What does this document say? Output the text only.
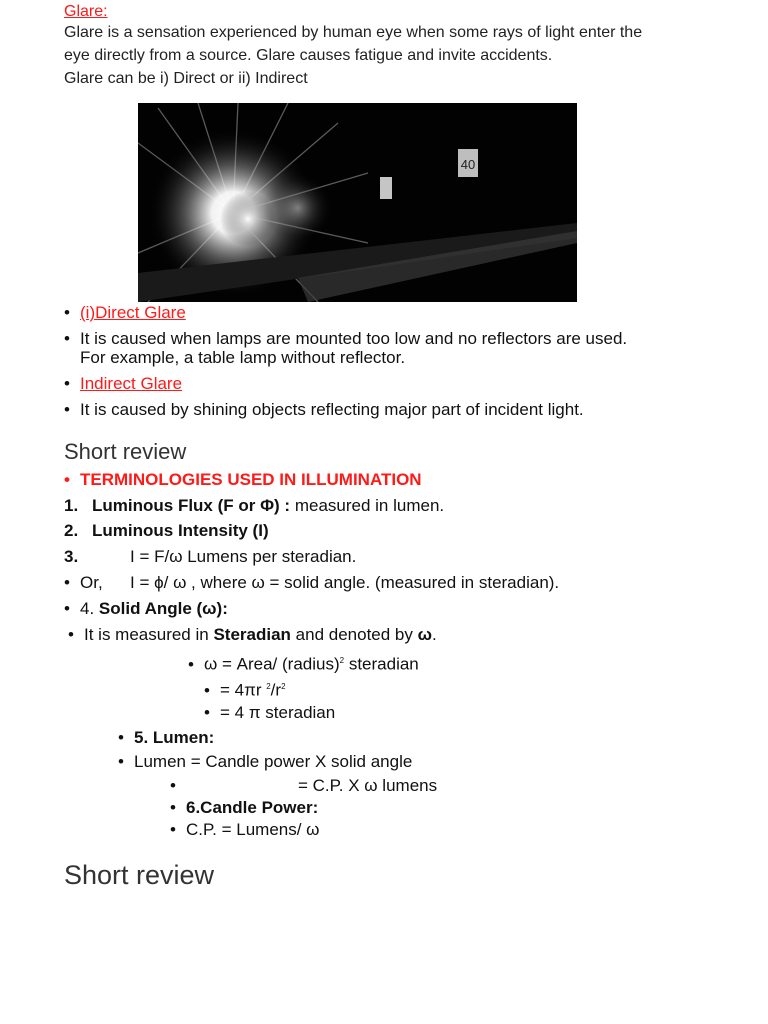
Glare:
Glare is a sensation experienced by human eye when some rays of light enter the
eye directly from a source. Glare causes fatigue and invite accidents.
Glare can be i) Direct or ii) Indirect
40
• (i)Direct Glare
• It is caused when lamps are mounted too low and no reflectors are used.
For example, a table lamp without reflector.
• Indirect Glare
• It is caused by shining objects reflecting major part of incident light.
Short review
• TERMINOLOGIES USED IN ILLUMINATION
1. Luminous Flux (F or Φ) : measured in lumen.
2. Luminous Intensity (I)
3.	I = F/ω Lumens per steradian.
• Or, I = ϕ/ ω , where ω = solid angle. (measured in steradian).
• 4. Solid Angle (ω):
• It is measured in Steradian and denoted by ω.
• ω = Area/ (radius)$^2$ steradian
• = 4πr $^2/r^2$
• = 4 π steradian
• 5. Lumen:
• Lumen = Candle power X solid angle
•	= C.P. X ω lumens
• 6.Candle Power:
• C.P. = Lumens/ ω
Short review
